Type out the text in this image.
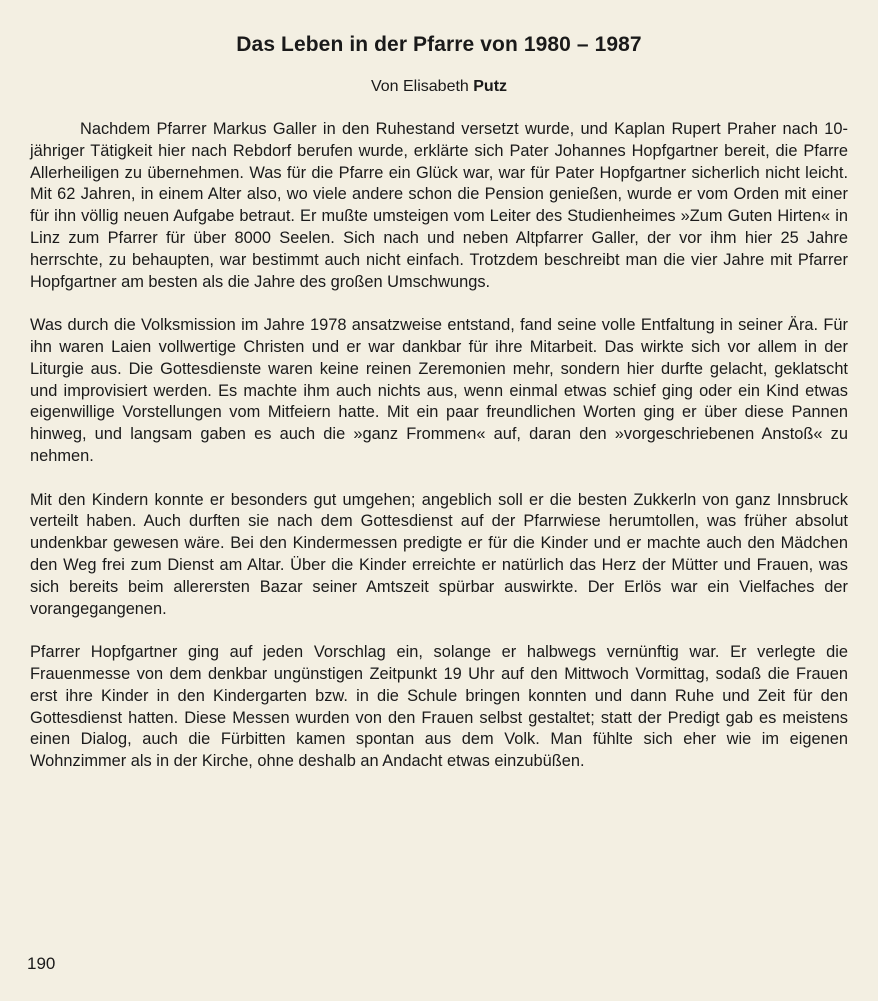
Das Leben in der Pfarre von 1980 – 1987
Von Elisabeth Putz

Nachdem Pfarrer Markus Galler in den Ruhestand versetzt wurde, und Kaplan Rupert Praher nach 10-jähriger Tätigkeit hier nach Rebdorf berufen wurde, erklärte sich Pater Johannes Hopfgartner bereit, die Pfarre Allerheiligen zu übernehmen. Was für die Pfarre ein Glück war, war für Pater Hopfgartner sicherlich nicht leicht. Mit 62 Jahren, in einem Alter also, wo viele andere schon die Pension genießen, wurde er vom Orden mit einer für ihn völlig neuen Aufgabe betraut. Er mußte umsteigen vom Leiter des Studienheimes »Zum Guten Hirten« in Linz zum Pfarrer für über 8000 Seelen. Sich nach und neben Altpfarrer Galler, der vor ihm hier 25 Jahre herrschte, zu behaupten, war bestimmt auch nicht einfach. Trotzdem beschreibt man die vier Jahre mit Pfarrer Hopfgartner am besten als die Jahre des großen Umschwungs.

Was durch die Volksmission im Jahre 1978 ansatzweise entstand, fand seine volle Entfaltung in seiner Ära. Für ihn waren Laien vollwertige Christen und er war dankbar für ihre Mitarbeit. Das wirkte sich vor allem in der Liturgie aus. Die Gottesdienste waren keine reinen Zeremonien mehr, sondern hier durfte gelacht, geklatscht und improvisiert werden. Es machte ihm auch nichts aus, wenn einmal etwas schief ging oder ein Kind etwas eigenwillige Vorstellungen vom Mitfeiern hatte. Mit ein paar freundlichen Worten ging er über diese Pannen hinweg, und langsam gaben es auch die »ganz Frommen« auf, daran den »vorgeschriebenen Anstoß« zu nehmen.

Mit den Kindern konnte er besonders gut umgehen; angeblich soll er die besten Zukkerln von ganz Innsbruck verteilt haben. Auch durften sie nach dem Gottesdienst auf der Pfarrwiese herumtollen, was früher absolut undenkbar gewesen wäre. Bei den Kindermessen predigte er für die Kinder und er machte auch den Mädchen den Weg frei zum Dienst am Altar. Über die Kinder erreichte er natürlich das Herz der Mütter und Frauen, was sich bereits beim allerersten Bazar seiner Amtszeit spürbar auswirkte. Der Erlös war ein Vielfaches der vorangegangenen.

Pfarrer Hopfgartner ging auf jeden Vorschlag ein, solange er halbwegs vernünftig war. Er verlegte die Frauenmesse von dem denkbar ungünstigen Zeitpunkt 19 Uhr auf den Mittwoch Vormittag, sodaß die Frauen erst ihre Kinder in den Kindergarten bzw. in die Schule bringen konnten und dann Ruhe und Zeit für den Gottesdienst hatten. Diese Messen wurden von den Frauen selbst gestaltet; statt der Predigt gab es meistens einen Dialog, auch die Fürbitten kamen spontan aus dem Volk. Man fühlte sich eher wie im eigenen Wohnzimmer als in der Kirche, ohne deshalb an Andacht etwas einzubüßen.

190
